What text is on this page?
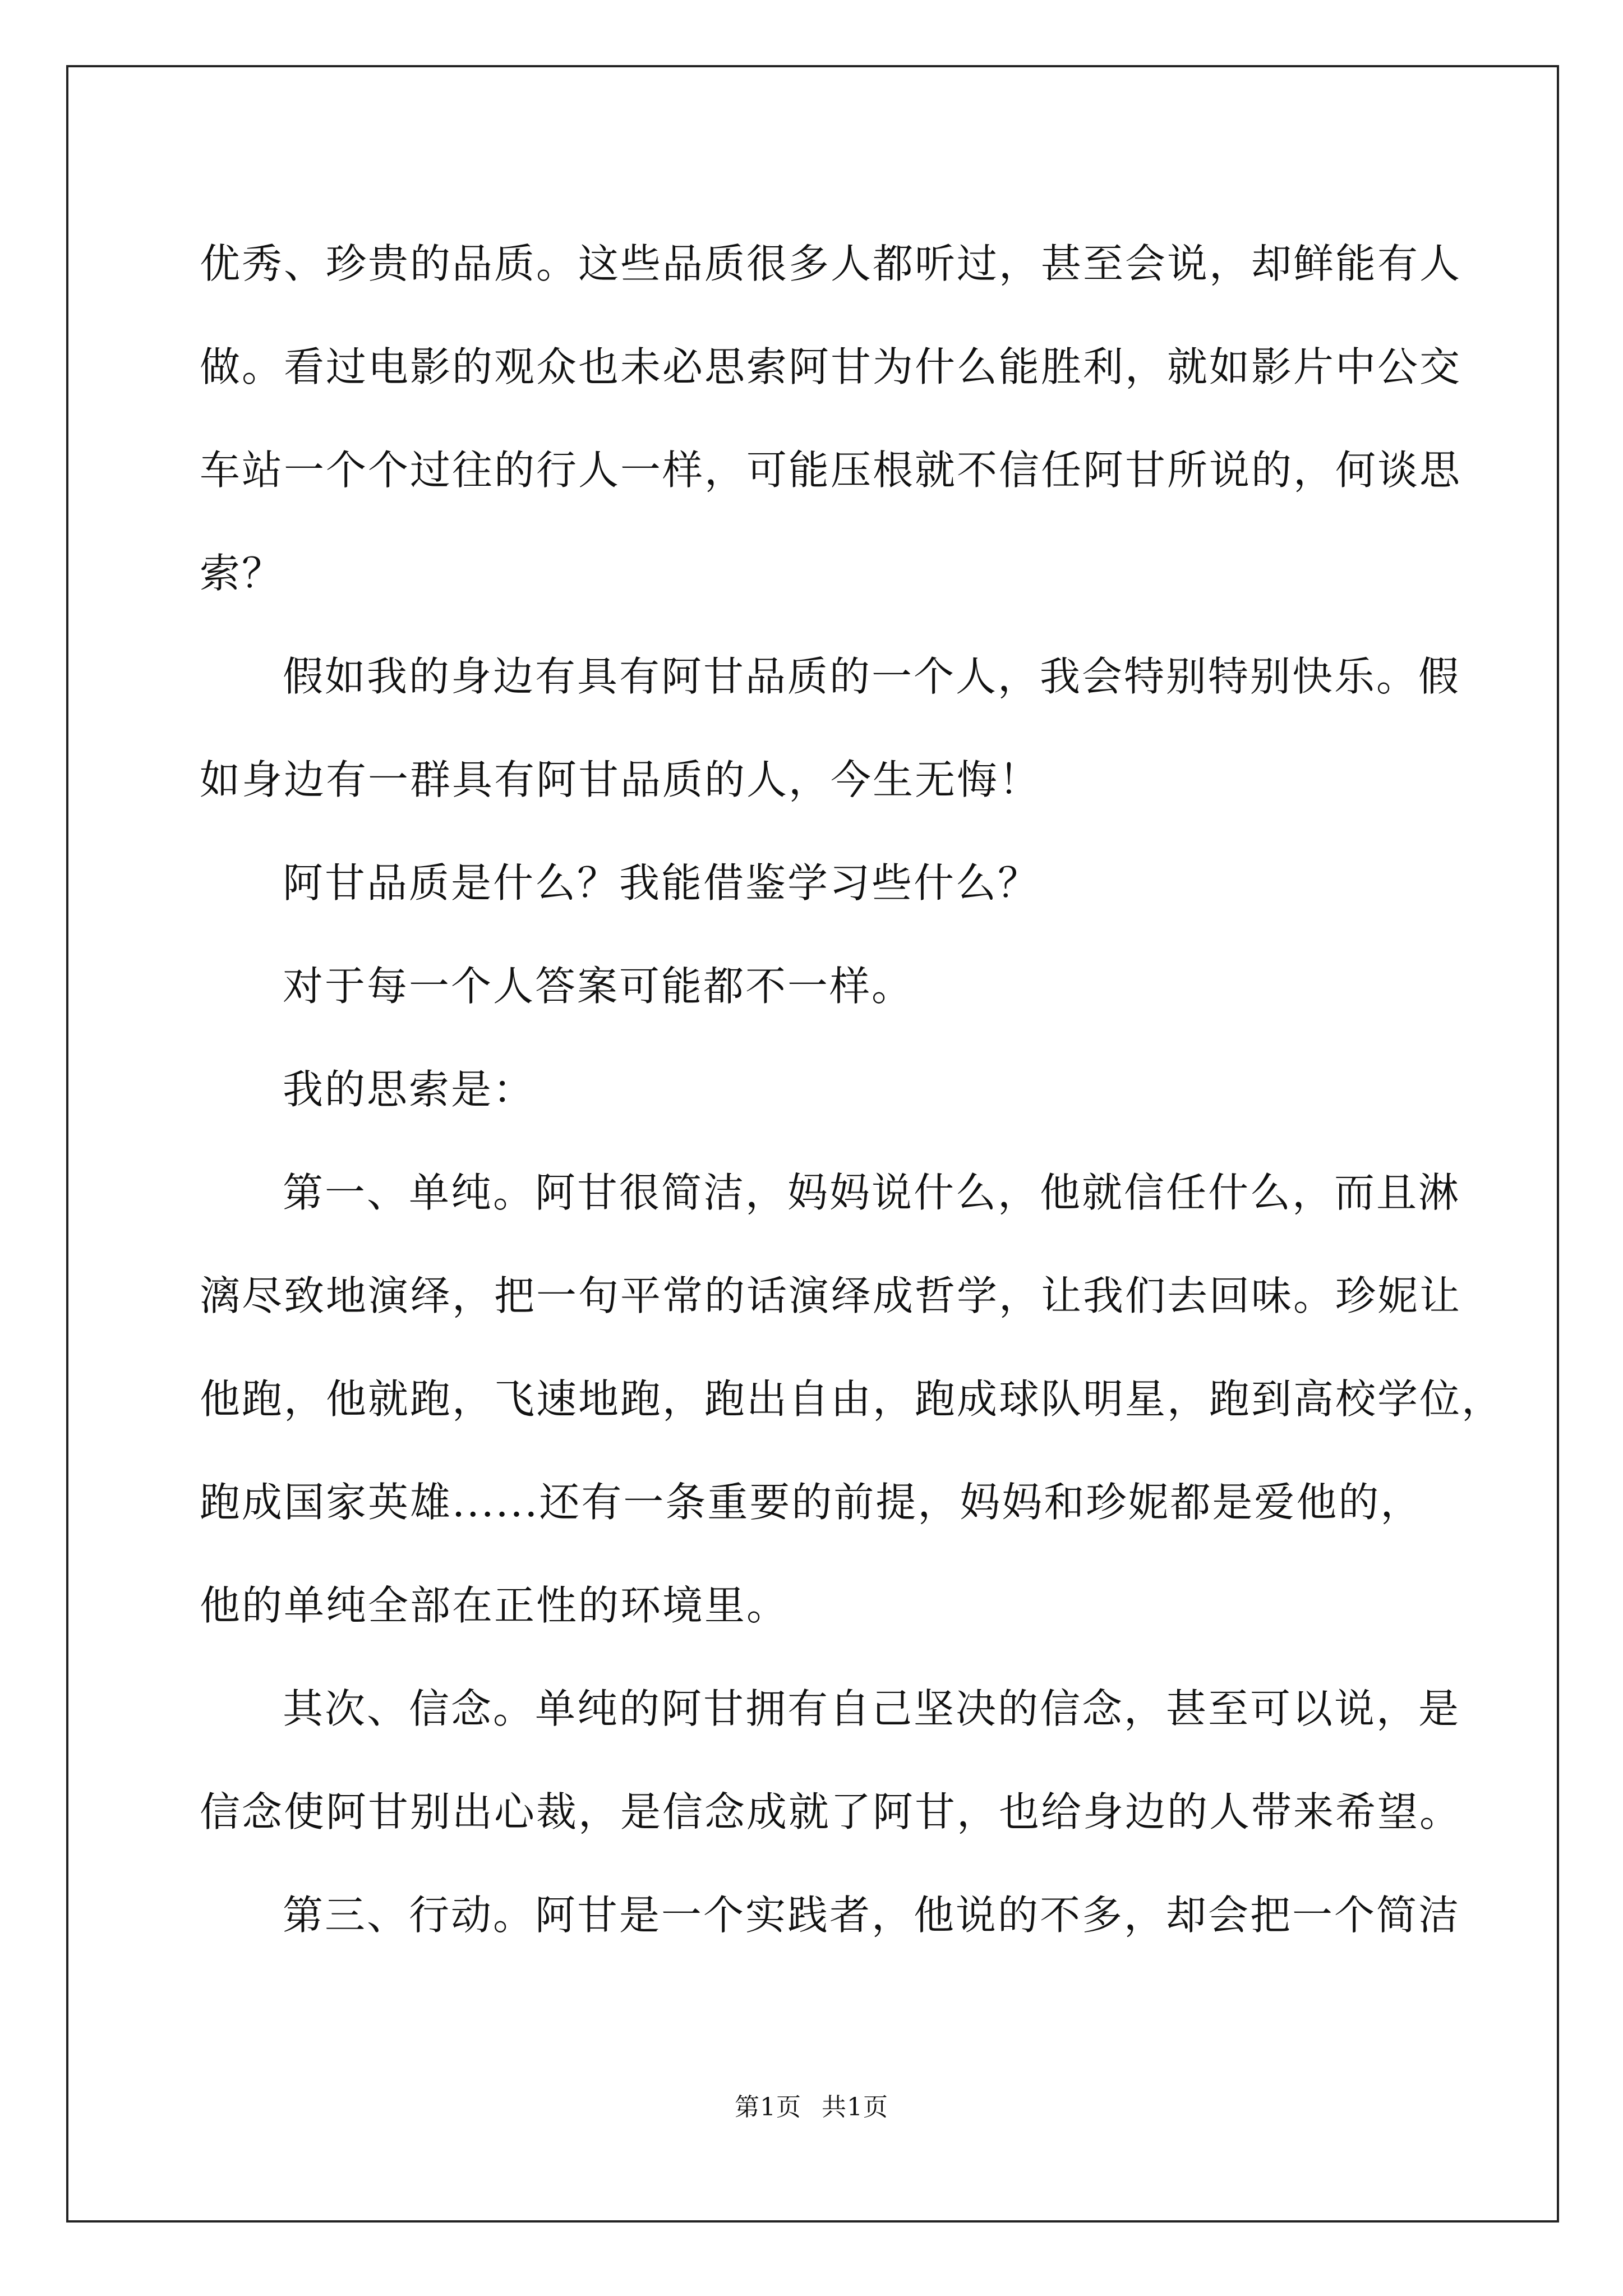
优秀、珍贵的品质。这些品质很多人都听过，甚至会说，却鲜能有人
做。看过电影的观众也未必思索阿甘为什么能胜利，就如影片中公交
车站一个个过往的行人一样，可能压根就不信任阿甘所说的，何谈思
索？
假如我的身边有具有阿甘品质的一个人，我会特别特别快乐。假
如身边有一群具有阿甘品质的人，今生无悔！
阿甘品质是什么？我能借鉴学习些什么？
对于每一个人答案可能都不一样。
我的思索是：
第一、单纯。阿甘很简洁，妈妈说什么，他就信任什么，而且淋
漓尽致地演绎，把一句平常的话演绎成哲学，让我们去回味。珍妮让
他跑，他就跑，飞速地跑，跑出自由，跑成球队明星，跑到高校学位，
跑成国家英雄......还有一条重要的前提，妈妈和珍妮都是爱他的，
他的单纯全部在正性的环境里。
其次、信念。单纯的阿甘拥有自己坚决的信念，甚至可以说，是
信念使阿甘别出心裁，是信念成就了阿甘，也给身边的人带来希望。
第三、行动。阿甘是一个实践者，他说的不多，却会把一个简洁
第1页 共1页
